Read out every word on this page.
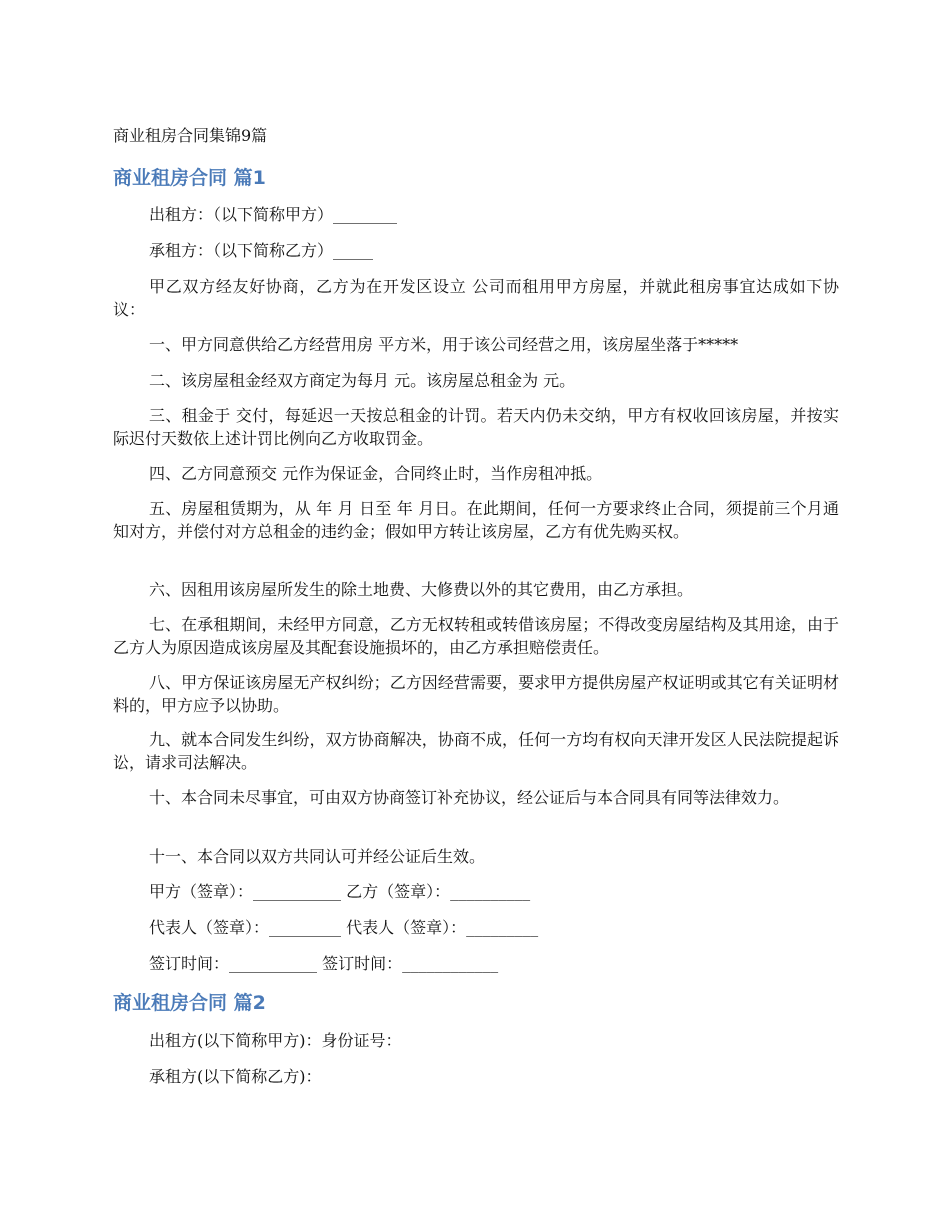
商业租房合同集锦9篇
商业租房合同 篇1
出租方：（以下简称甲方）________
承租方：（以下简称乙方）_____
甲乙双方经友好协商，乙方为在开发区设立 公司而租用甲方房屋，并就此租房事宜达成如下协议：
一、甲方同意供给乙方经营用房 平方米，用于该公司经营之用，该房屋坐落于*****
二、该房屋租金经双方商定为每月 元。该房屋总租金为 元。
三、租金于 交付，每延迟一天按总租金的计罚。若天内仍未交纳，甲方有权收回该房屋，并按实际迟付天数依上述计罚比例向乙方收取罚金。
四、乙方同意预交 元作为保证金，合同终止时，当作房租冲抵。
五、房屋租赁期为，从 年 月 日至 年 月日。在此期间，任何一方要求终止合同，须提前三个月通知对方，并偿付对方总租金的违约金；假如甲方转让该房屋，乙方有优先购买权。
六、因租用该房屋所发生的除土地费、大修费以外的其它费用，由乙方承担。
七、在承租期间，未经甲方同意，乙方无权转租或转借该房屋；不得改变房屋结构及其用途，由于乙方人为原因造成该房屋及其配套设施损坏的，由乙方承担赔偿责任。
八、甲方保证该房屋无产权纠纷；乙方因经营需要，要求甲方提供房屋产权证明或其它有关证明材料的，甲方应予以协助。
九、就本合同发生纠纷，双方协商解决，协商不成，任何一方均有权向天津开发区人民法院提起诉讼，请求司法解决。
十、本合同未尽事宜，可由双方协商签订补充协议，经公证后与本合同具有同等法律效力。
十一、本合同以双方共同认可并经公证后生效。
甲方（签章）：___________ 乙方（签章）：__________
代表人（签章）：_________ 代表人（签章）：_________
签订时间：___________ 签订时间：____________
商业租房合同 篇2
出租方(以下简称甲方)：身份证号：
承租方(以下简称乙方)：
